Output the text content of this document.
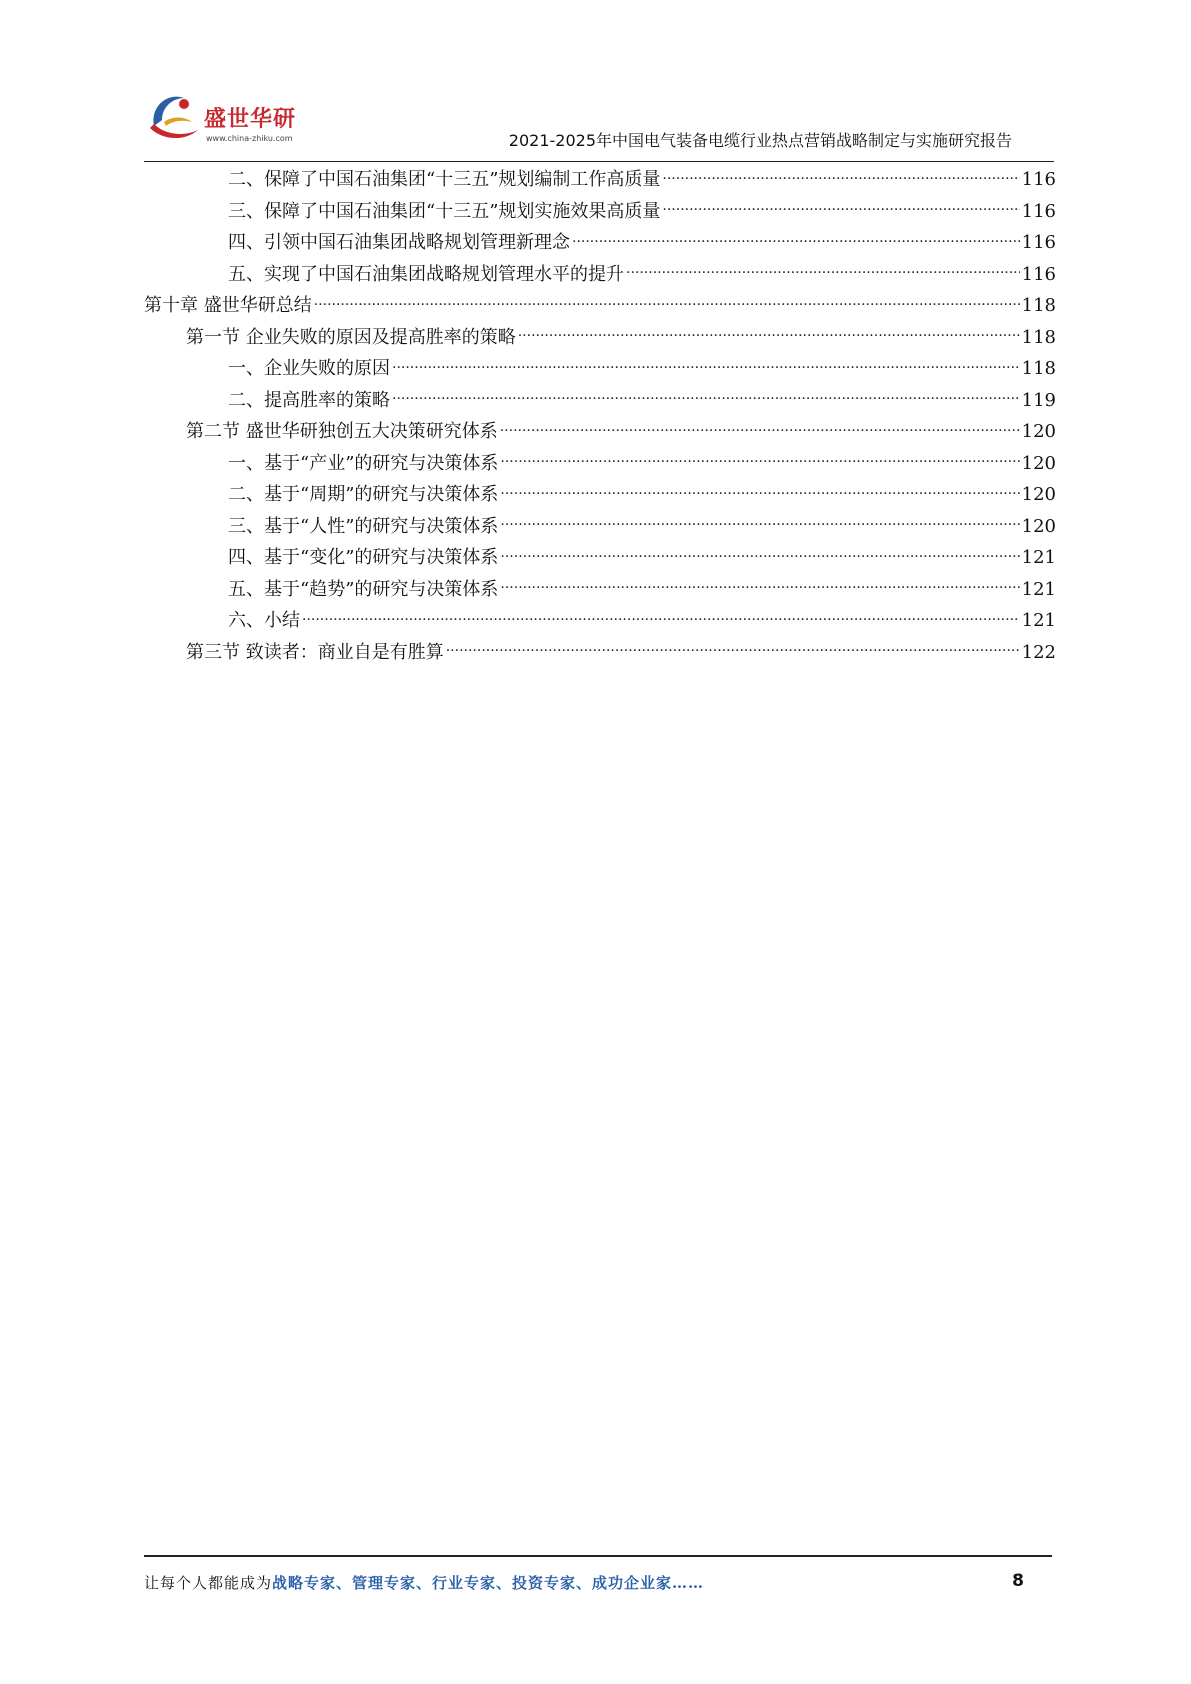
盛世华研
www.china-zhiku.com	2021-2025年中国电气装备电缆行业热点营销战略制定与实施研究报告
二、保障了中国石油集团“十三五”规划编制工作高质量 .....	116
三、保障了中国石油集团“十三五”规划实施效果高质量 .....	116
四、引领中国石油集团战略规划管理新理念 .....	116
五、实现了中国石油集团战略规划管理水平的提升 .....	116
第十章 盛世华研总结 .....	118
第一节 企业失败的原因及提高胜率的策略 .....	118
一、企业失败的原因 .....	118
二、提高胜率的策略 .....	119
第二节 盛世华研独创五大决策研究体系 .....	120
一、基于“产业”的研究与决策体系 .....	120
二、基于“周期”的研究与决策体系 .....	120
三、基于“人性”的研究与决策体系 .....	120
四、基于“变化”的研究与决策体系 .....	121
五、基于“趋势”的研究与决策体系 .....	121
六、小结 .....	121
第三节 致读者：商业自是有胜算 .....	122
让每个人都能成为战略专家、管理专家、行业专家、投资专家、成功企业家……	8
